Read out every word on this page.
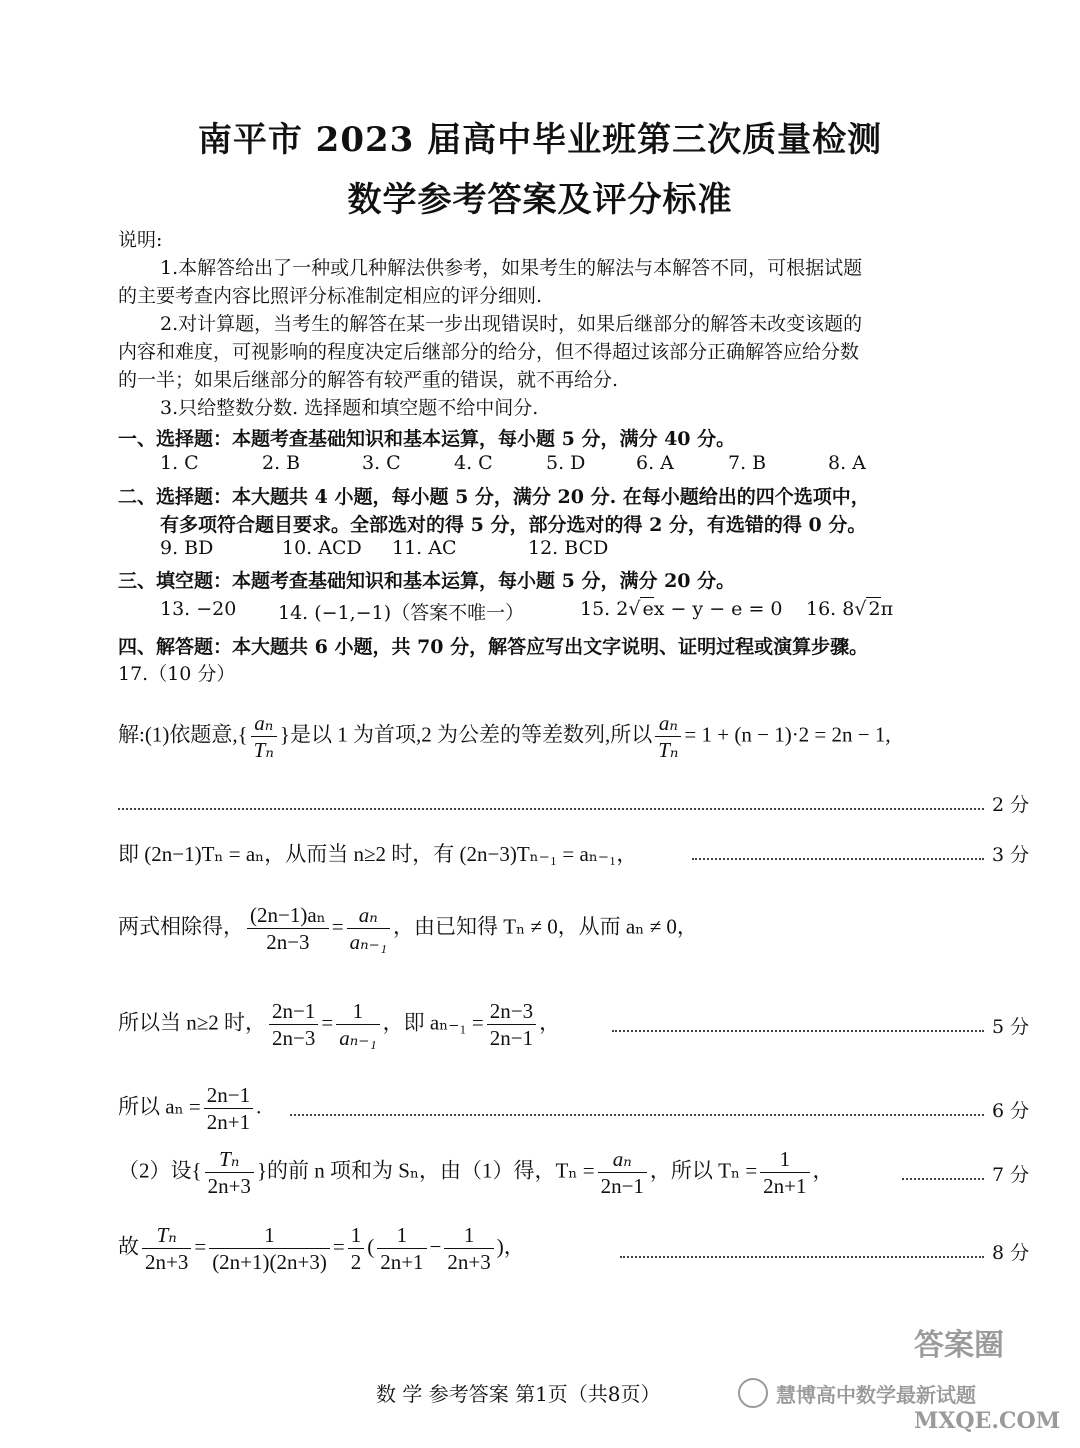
南平市 2023 届高中毕业班第三次质量检测
数学参考答案及评分标准
说明:
1.本解答给出了一种或几种解法供参考，如果考生的解法与本解答不同，可根据试题
的主要考查内容比照评分标准制定相应的评分细则.
2.对计算题，当考生的解答在某一步出现错误时，如果后继部分的解答未改变该题的
内容和难度，可视影响的程度决定后继部分的给分，但不得超过该部分正确解答应给分数
的一半；如果后继部分的解答有较严重的错误，就不再给分.
3.只给整数分数. 选择题和填空题不给中间分.
一、选择题：本题考查基础知识和基本运算，每小题 5 分，满分 40 分。
1. C	2. B	3. C	4. C	5. D	6. A	7. B	8. A
二、选择题：本大题共 4 小题，每小题 5 分，满分 20 分. 在每小题给出的四个选项中，
有多项符合题目要求。全部选对的得 5 分，部分选对的得 2 分，有选错的得 0 分。
9. BD	10. ACD 11. AC	12. BCD
三、填空题：本题考查基础知识和基本运算，每小题 5 分，满分 20 分。
13. −20 14. (−1,−1)（答案不唯一）	15. 2√ ex − y − e = 0 16. 8√ 2π
四、解答题：本大题共 6 小题，共 70 分，解答应写出文字说明、证明过程或演算步骤。
17.（10 分）
解:(1)依题意,{ $\frac{\text{aₙ}}{\text{Tₙ}}$ }是以 1 为首项,2 为公差的等差数列,所以 $\frac{\text{aₙ}}{\text{Tₙ}} = 1 + (n - 1)\cdot 2 = 2n - 1$,
2 分
即 (2n−1)Tₙ = aₙ，从而当 n≥2 时，有 (2n−3)Tₙ₋₁ = aₙ₋₁，	3 分
两式相除得， $\frac{\text{(2n−1)aₙ}}{2n-3} = \frac{\text{aₙ}}{\text{aₙ₋₁}}$ ，由已知得 Tₙ ≠ 0，从而 aₙ ≠ 0，
所以当 n≥2 时， $\frac{2n-1}{2n-3} = \frac{1}{\text{aₙ₋₁}}$ ，即 $a_{n-1} = \frac{2n-3}{2n-1}$ ，	5 分
所以 $a_n = \frac{2n-1}{2n+1}$ .	6 分
（2）设{ $\frac{\text{Tₙ}}{2n+3}$ }的前 n 项和为 Sₙ，由（1）得，$T_n = \frac{\text{aₙ}}{2n-1}$ ，所以 $T_n = \frac{1}{2n+1}$ ，	7 分
故 $\frac{\text{Tₙ}}{2n+3} = \frac{1}{(2n+1)(2n+3)} = \frac{1}{2}$ ( $\frac{1}{2n+1} - \frac{1}{2n+3}$ )，	8 分
数 学 参考答案 第1页（共8页）	慧博高中数学最新试题
答案圈
MXQE.COM
